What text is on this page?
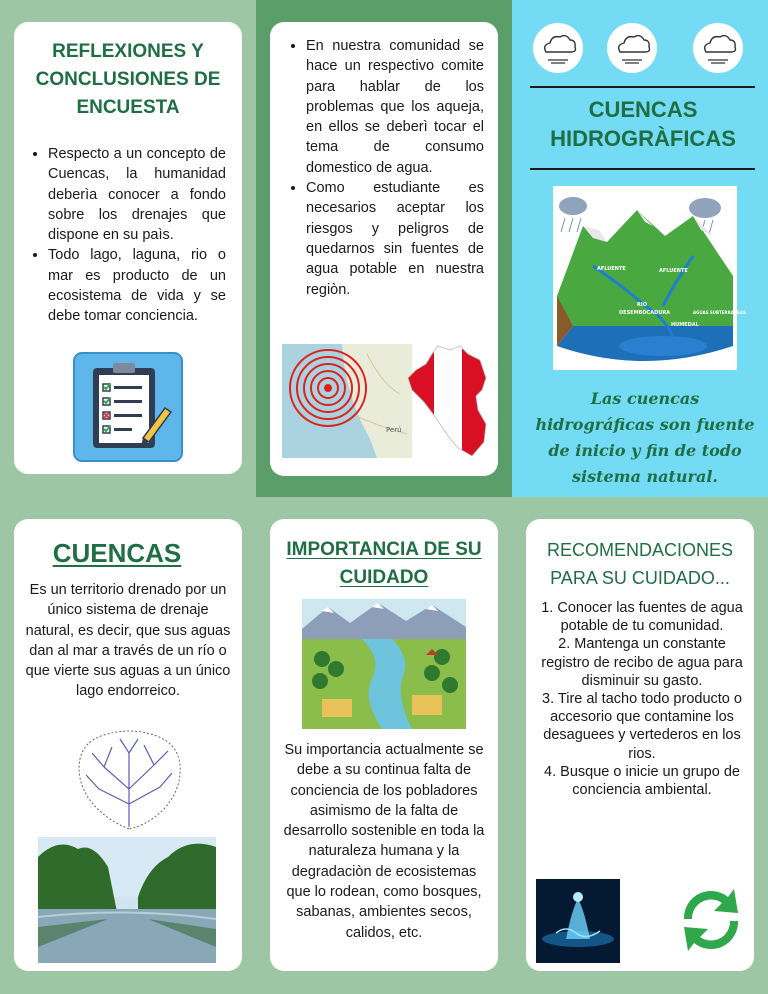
REFLEXIONES Y CONCLUSIONES DE ENCUESTA
• Respecto a un concepto de Cuencas, la humanidad deberìa conocer a fondo sobre los drenajes que dispone en su paìs.
• Todo lago, laguna, rio o mar es producto de un ecosistema de vida y se debe tomar conciencia.
• En nuestra comunidad se hace un respectivo comite para hablar de los problemas que los aqueja, en ellos se deberì tocar el tema de consumo domestico de agua.
• Como estudiante es necesarios aceptar los riesgos y peligros de quedarnos sin fuentes de agua potable en nuestra regiòn.
Perú
CUENCAS HIDROGRÀFICAS
AFLUENTE	AFLUENTE
RIO
DESEMBOCADURA	AGUAS SUBTERRANEAS
HUMEDAL
Las cuencas hidrográficas son fuente de inicio y fin de todo sistema natural.
CUENCAS
Es un territorio drenado por un único sistema de drenaje natural, es decir, que sus aguas dan al mar a través de un río o que vierte sus aguas a un único lago endorreico.
IMPORTANCIA DE SU CUIDADO
Su importancia actualmente se debe a su continua falta de conciencia de los pobladores asimismo de la falta de desarrollo sostenible en toda la naturaleza humana y la degradaciòn de ecosistemas que lo rodean, como bosques, sabanas, ambientes secos, calidos, etc.
RECOMENDACIONES PARA SU CUIDADO...
1. Conocer las fuentes de agua potable de tu comunidad.
2. Mantenga un constante registro de recibo de agua para disminuir su gasto.
3. Tire al tacho todo producto o accesorio que contamine los desaguees y vertederos en los rios.
4. Busque o inicie un grupo de conciencia ambiental.
